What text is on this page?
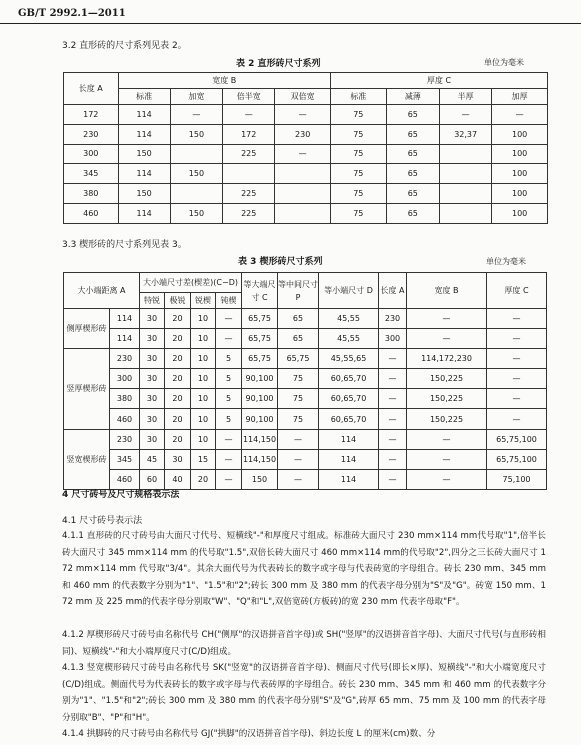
GB/T 2992.1—2011
3.2 直形砖的尺寸系列见表 2。
表 2 直形砖尺寸系列	单位为毫米
长度 A	宽度 B				厚度 C			
	标准	加宽	倍半宽	双倍宽	标准	减薄	半厚	加厚
172	114	—	—	—	75	65	—	—
230	114	150	172	230	75	65	32,37	100
300	150		225	—	75	65		100
345	114	150			75	65		100
380	150		225		75	65		100
460	114	150	225		75	65		100
3.3 楔形砖的尺寸系列见表 3。
表 3 楔形砖尺寸系列	单位为毫米
大小端距离 A		大小端尺寸差(楔差)(C−D)				等大端尺寸 C	等中间尺寸 P	等小端尺寸 D	长度 A	宽度 B	厚度 C
		特锐	极锐	锐楔	钝楔						
侧厚楔形砖	114	30	20	10	—	65,75	65	45,55	230	—	—
	114	30	20	10	—	65,75	65	45,55	300	—	—
竖厚楔形砖	230	30	20	10	5	65,75	65,75	45,55,65	—	114,172,230	—
	300	30	20	10	5	90,100	75	60,65,70	—	150,225	—
	380	30	20	10	5	90,100	75	60,65,70	—	150,225	—
	460	30	20	10	5	90,100	75	60,65,70	—	150,225	—
竖宽楔形砖	230	30	20	10	—	114,150	—	114	—	—	65,75,100
	345	45	30	15	—	114,150	—	114	—	—	65,75,100
	460	60	40	20	—	150	—	114	—	—	75,100
4 尺寸砖号及尺寸规格表示法
4.1 尺寸砖号表示法
4.1.1 直形砖的尺寸砖号由大面尺寸代号、短横线"-"和厚度尺寸组成。标准砖大面尺寸 230 mm×114 mm代号取"1",倍半长砖大面尺寸 345 mm×114 mm 的代号取"1.5",双倍长砖大面尺寸 460 mm×114 mm的代号取"2",四分之三长砖大面尺寸 172 mm×114 mm 代号取"3/4"。其余大面代号为代表砖长的数字或字母与代表砖宽的字母组合。砖长 230 mm、345 mm 和 460 mm 的代表数字分别为"1"、"1.5"和"2";砖长 300 mm 及 380 mm 的代表字母分别为"S"及"G"。砖宽 150 mm、172 mm 及 225 mm的代表字母分别取"W"、"Q"和"L",双倍宽砖(方板砖)的宽 230 mm 代表字母取"F"。
4.1.2 厚楔形砖尺寸砖号由名称代号 CH("侧厚"的汉语拼音首字母)或 SH("竖厚"的汉语拼音首字母)、大面尺寸代号(与直形砖相同)、短横线"-"和大小端厚度尺寸(C/D)组成。
4.1.3 竖宽楔形砖尺寸砖号由名称代号 SK("竖宽"的汉语拼音首字母)、侧面尺寸代号(即长×厚)、短横线"-"和大小端宽度尺寸(C/D)组成。侧面代号为代表砖长的数字或字母与代表砖厚的字母组合。砖长 230 mm、345 mm 和 460 mm 的代表数字分别为"1"、"1.5"和"2";砖长 300 mm 及 380 mm 的代表字母分别"S"及"G",砖厚 65 mm、75 mm 及 100 mm 的代表字母分别取"B"、"P"和"H"。
4.1.4 拱脚砖的尺寸砖号由名称代号 GJ("拱脚"的汉语拼音首字母)、斜边长度 L 的厘米(cm)数、分
